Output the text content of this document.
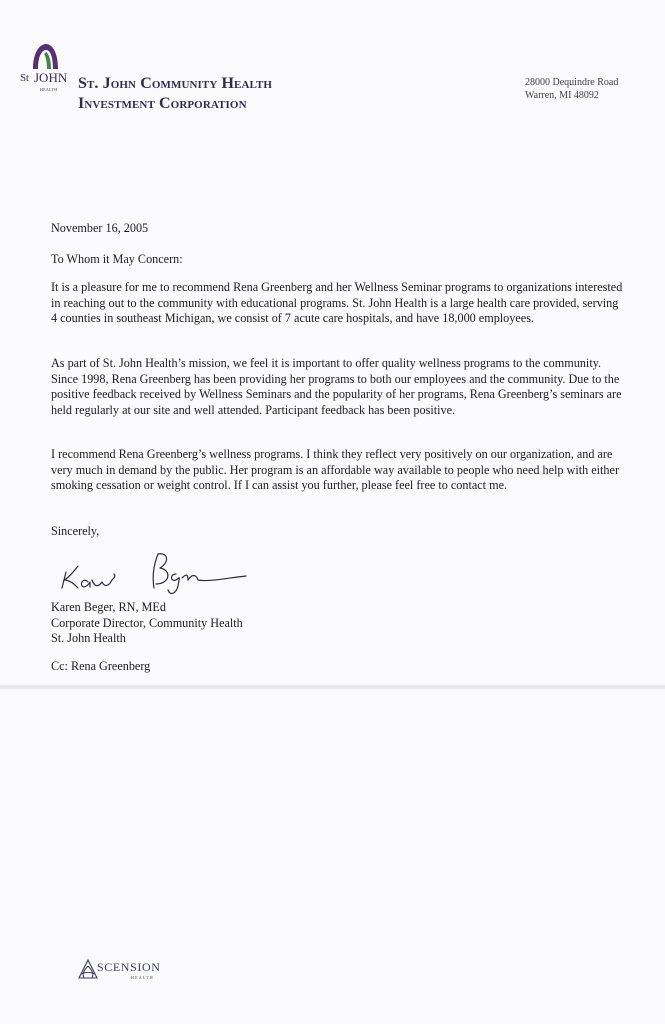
St JOHN
HEALTH St. John Community Health
Investment Corporation
28000 Dequindre Road
Warren, MI 48092

November 16, 2005

To Whom it May Concern:

It is a pleasure for me to recommend Rena Greenberg and her Wellness Seminar programs to organizations interested in reaching out to the community with educational programs. St. John Health is a large health care provided, serving 4 counties in southeast Michigan, we consist of 7 acute care hospitals, and have 18,000 employees.

As part of St. John Health’s mission, we feel it is important to offer quality wellness programs to the community. Since 1998, Rena Greenberg has been providing her programs to both our employees and the community. Due to the positive feedback received by Wellness Seminars and the popularity of her programs, Rena Greenberg’s seminars are held regularly at our site and well attended. Participant feedback has been positive.

I recommend Rena Greenberg’s wellness programs. I think they reflect very positively on our organization, and are very much in demand by the public. Her program is an affordable way available to people who need help with either smoking cessation or weight control. If I can assist you further, please feel free to contact me.

Sincerely,

Karen Beger, RN, MEd
Corporate Director, Community Health
St. John Health

Cc: Rena Greenberg

SCENSION
HEALTH
